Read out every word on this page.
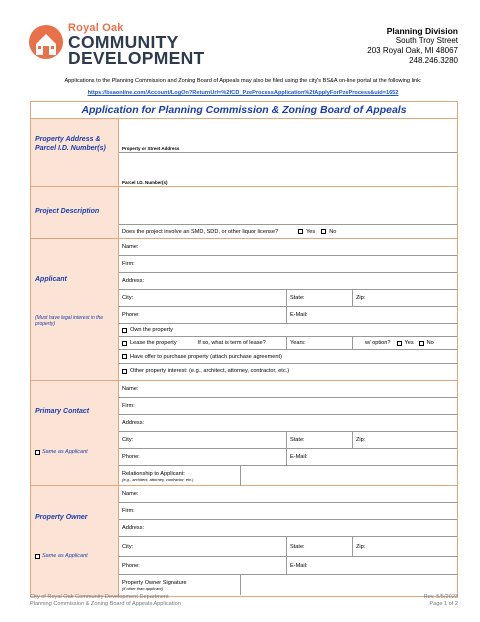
Royal Oak
COMMUNITY
DEVELOPMENT
Planning Division
South Troy Street
203 Royal Oak, MI 48067
248.246.3280
Applications to the Planning Commission and Zoning Board of Appeals may also be filed using the city's BS&A on-line portal at the following link:
https://bsaonline.com/Account/LogOn?ReturnUrl=%2fCD_PzeProcessApplication%2fApplyForPzeProcess&uid=1652
Application for Planning Commission & Zoning Board of Appeals
Property Address & Parcel I.D. Number(s)	Property or Street Address
Parcel I.D. Number(s)
Project Description
Does the project involve an SMD, SDD, or other liquor license?	Yes	No
Applicant
(Must have legal interest in the property)
Name:
Firm:
Address:
City:	State:	Zip:
Phone:	E-Mail:
Own the property
Lease the property	If so, what is term of lease?	Years:	w/ option?	Yes No
Have offer to purchase property (attach purchase agreement)
Other property interest: (e.g., architect, attorney, contractor, etc.)
Primary Contact
Same as Applicant
Name:
Firm:
Address:
City:	State:	Zip:
Phone:	E-Mail:
Relationship to Applicant:
(e.g., architect, attorney, contractor, etc.)
Property Owner
Same as Applicant
Name:
Firm:
Address:
City:	State:	Zip:
Phone:	E-Mail:
Property Owner Signature
(if other than applicant)
City of Royal Oak Community Development Department
Planning Commission & Zoning Board of Appeals Application
Rev. 5/5/2023
Page 1 of 2
